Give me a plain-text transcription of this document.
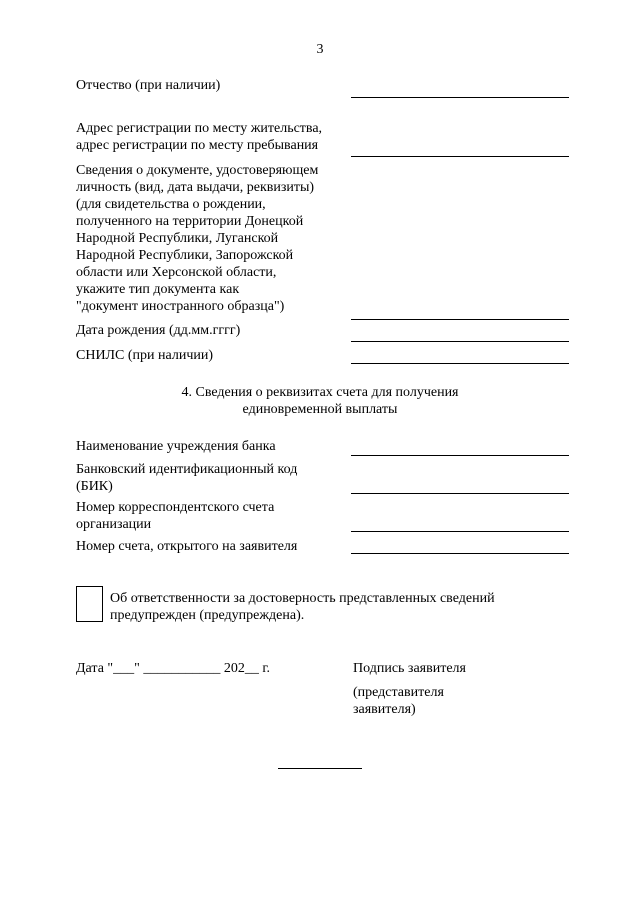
3
Отчество (при наличии)
Адрес регистрации по месту жительства,
адрес регистрации по месту пребывания
Сведения о документе, удостоверяющем
личность (вид, дата выдачи, реквизиты)
(для свидетельства о рождении,
полученного на территории Донецкой
Народной Республики, Луганской
Народной Республики, Запорожской
области или Херсонской области,
укажите тип документа как
"документ иностранного образца")
Дата рождения (дд.мм.гггг)
СНИЛС (при наличии)
4. Сведения о реквизитах счета для получения
единовременной выплаты
Наименование учреждения банка
Банковский идентификационный код
(БИК)
Номер корреспондентского счета
организации
Номер счета, открытого на заявителя
Об ответственности за достоверность представленных сведений
предупрежден (предупреждена).
Дата "___" ___________ 202__ г.	Подпись заявителя
(представителя
заявителя)
